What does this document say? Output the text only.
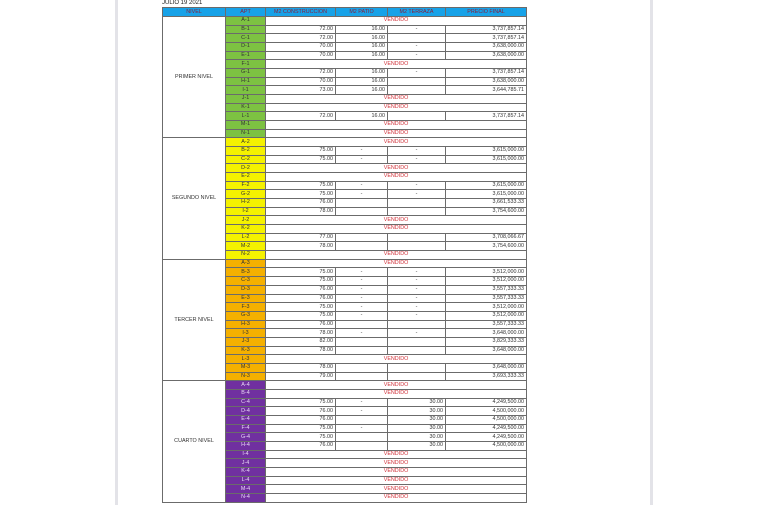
JULIO 19 2021
NIVEL	APT	M2 CONSTRUCCION	M2 PATIO	M2 TERRAZA	PRECIO FINAL
PRIMER NIVEL	A-1	VENDIDO			
	B-1	72.00	16.00	-	3,737,857.14
	C-1	72.00	16.00		3,737,857.14
	D-1	70.00	16.00	-	3,638,000.00
	E-1	70.00	16.00	-	3,638,000.00
	F-1	VENDIDO			
	G-1	72.00	16.00	-	3,737,857.14
	H-1	70.00	16.00		3,638,000.00
	I-1	73.00	16.00		3,644,785.71
	J-1	VENDIDO			
	K-1	VENDIDO			
	L-1	72.00	16.00		3,737,857.14
	M-1	VENDIDO			
	N-1	VENDIDO			
SEGUNDO NIVEL	A-2	VENDIDO			
	B-2	75.00	-	-	3,615,000.00
	C-2	75.00	-	-	3,615,000.00
	D-2	VENDIDO			
	E-2	VENDIDO			
	F-2	75.00	-	-	3,615,000.00
	G-2	75.00	-	-	3,615,000.00
	H-2	76.00			3,661,533.33
	I-2	78.00			3,754,600.00
	J-2	VENDIDO			
	K-2	VENDIDO			
	L-2	77.00			3,708,066.67
	M-2	78.00			3,754,600.00
	N-2	VENDIDO			
TERCER NIVEL	A-3	VENDIDO			
	B-3	75.00	-	-	3,512,000.00
	C-3	75.00	-	-	3,512,000.00
	D-3	76.00	-	-	3,557,333.33
	E-3	76.00	-	-	3,557,333.33
	F-3	75.00	-	-	3,512,000.00
	G-3	75.00	-	-	3,512,000.00
	H-3	76.00			3,557,333.33
	I-3	78.00	-	-	3,648,000.00
	J-3	82.00			3,829,333.33
	K-3	78.00			3,648,000.00
	L-3	VENDIDO			
	M-3	78.00			3,648,000.00
	N-3	79.00			3,693,333.33
CUARTO NIVEL	A-4	VENDIDO			
	B-4	VENDIDO			
	C-4	75.00	-	30.00	4,249,500.00
	D-4	76.00	-	30.00	4,500,000.00
	E-4	76.00		30.00	4,500,000.00
	F-4	75.00	-	30.00	4,249,500.00
	G-4	75.00		30.00	4,249,500.00
	H-4	76.00		30.00	4,500,000.00
	I-4	VENDIDO			
	J-4	VENDIDO			
	K-4	VENDIDO			
	L-4	VENDIDO			
	M-4	VENDIDO			
	N-4	VENDIDO			
